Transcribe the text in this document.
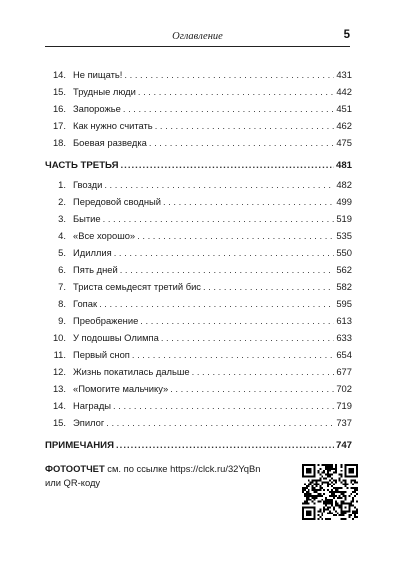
Оглавление	5
14. Не пищать! . . .	431
15. Трудные люди . . .	442
16. Запорожье . . .	451
17. Как нужно считать . . .	462
18. Боевая разведка . . .	475
ЧАСТЬ ТРЕТЬЯ .....	481
1. Гвозди . . .	482
2. Передовой сводный . . .	499
3. Бытие . . .	519
4. «Все хорошо» . . .	535
5. Идиллия . . .	550
6. Пять дней . . .	562
7. Триста семьдесят третий бис . . .	582
8. Гопак . . .	595
9. Преображение . . .	613
10. У подошвы Олимпа . . .	633
11. Первый сноп . . .	654
12. Жизнь покатилась дальше . . .	677
13. «Помогите мальчику» . . .	702
14. Награды . . .	719
15. Эпилог . . .	737
ПРИМЕЧАНИЯ .....	747
ФОТООТЧЕТ см. по ссылке https://clck.ru/32YqBn
или QR-коду
